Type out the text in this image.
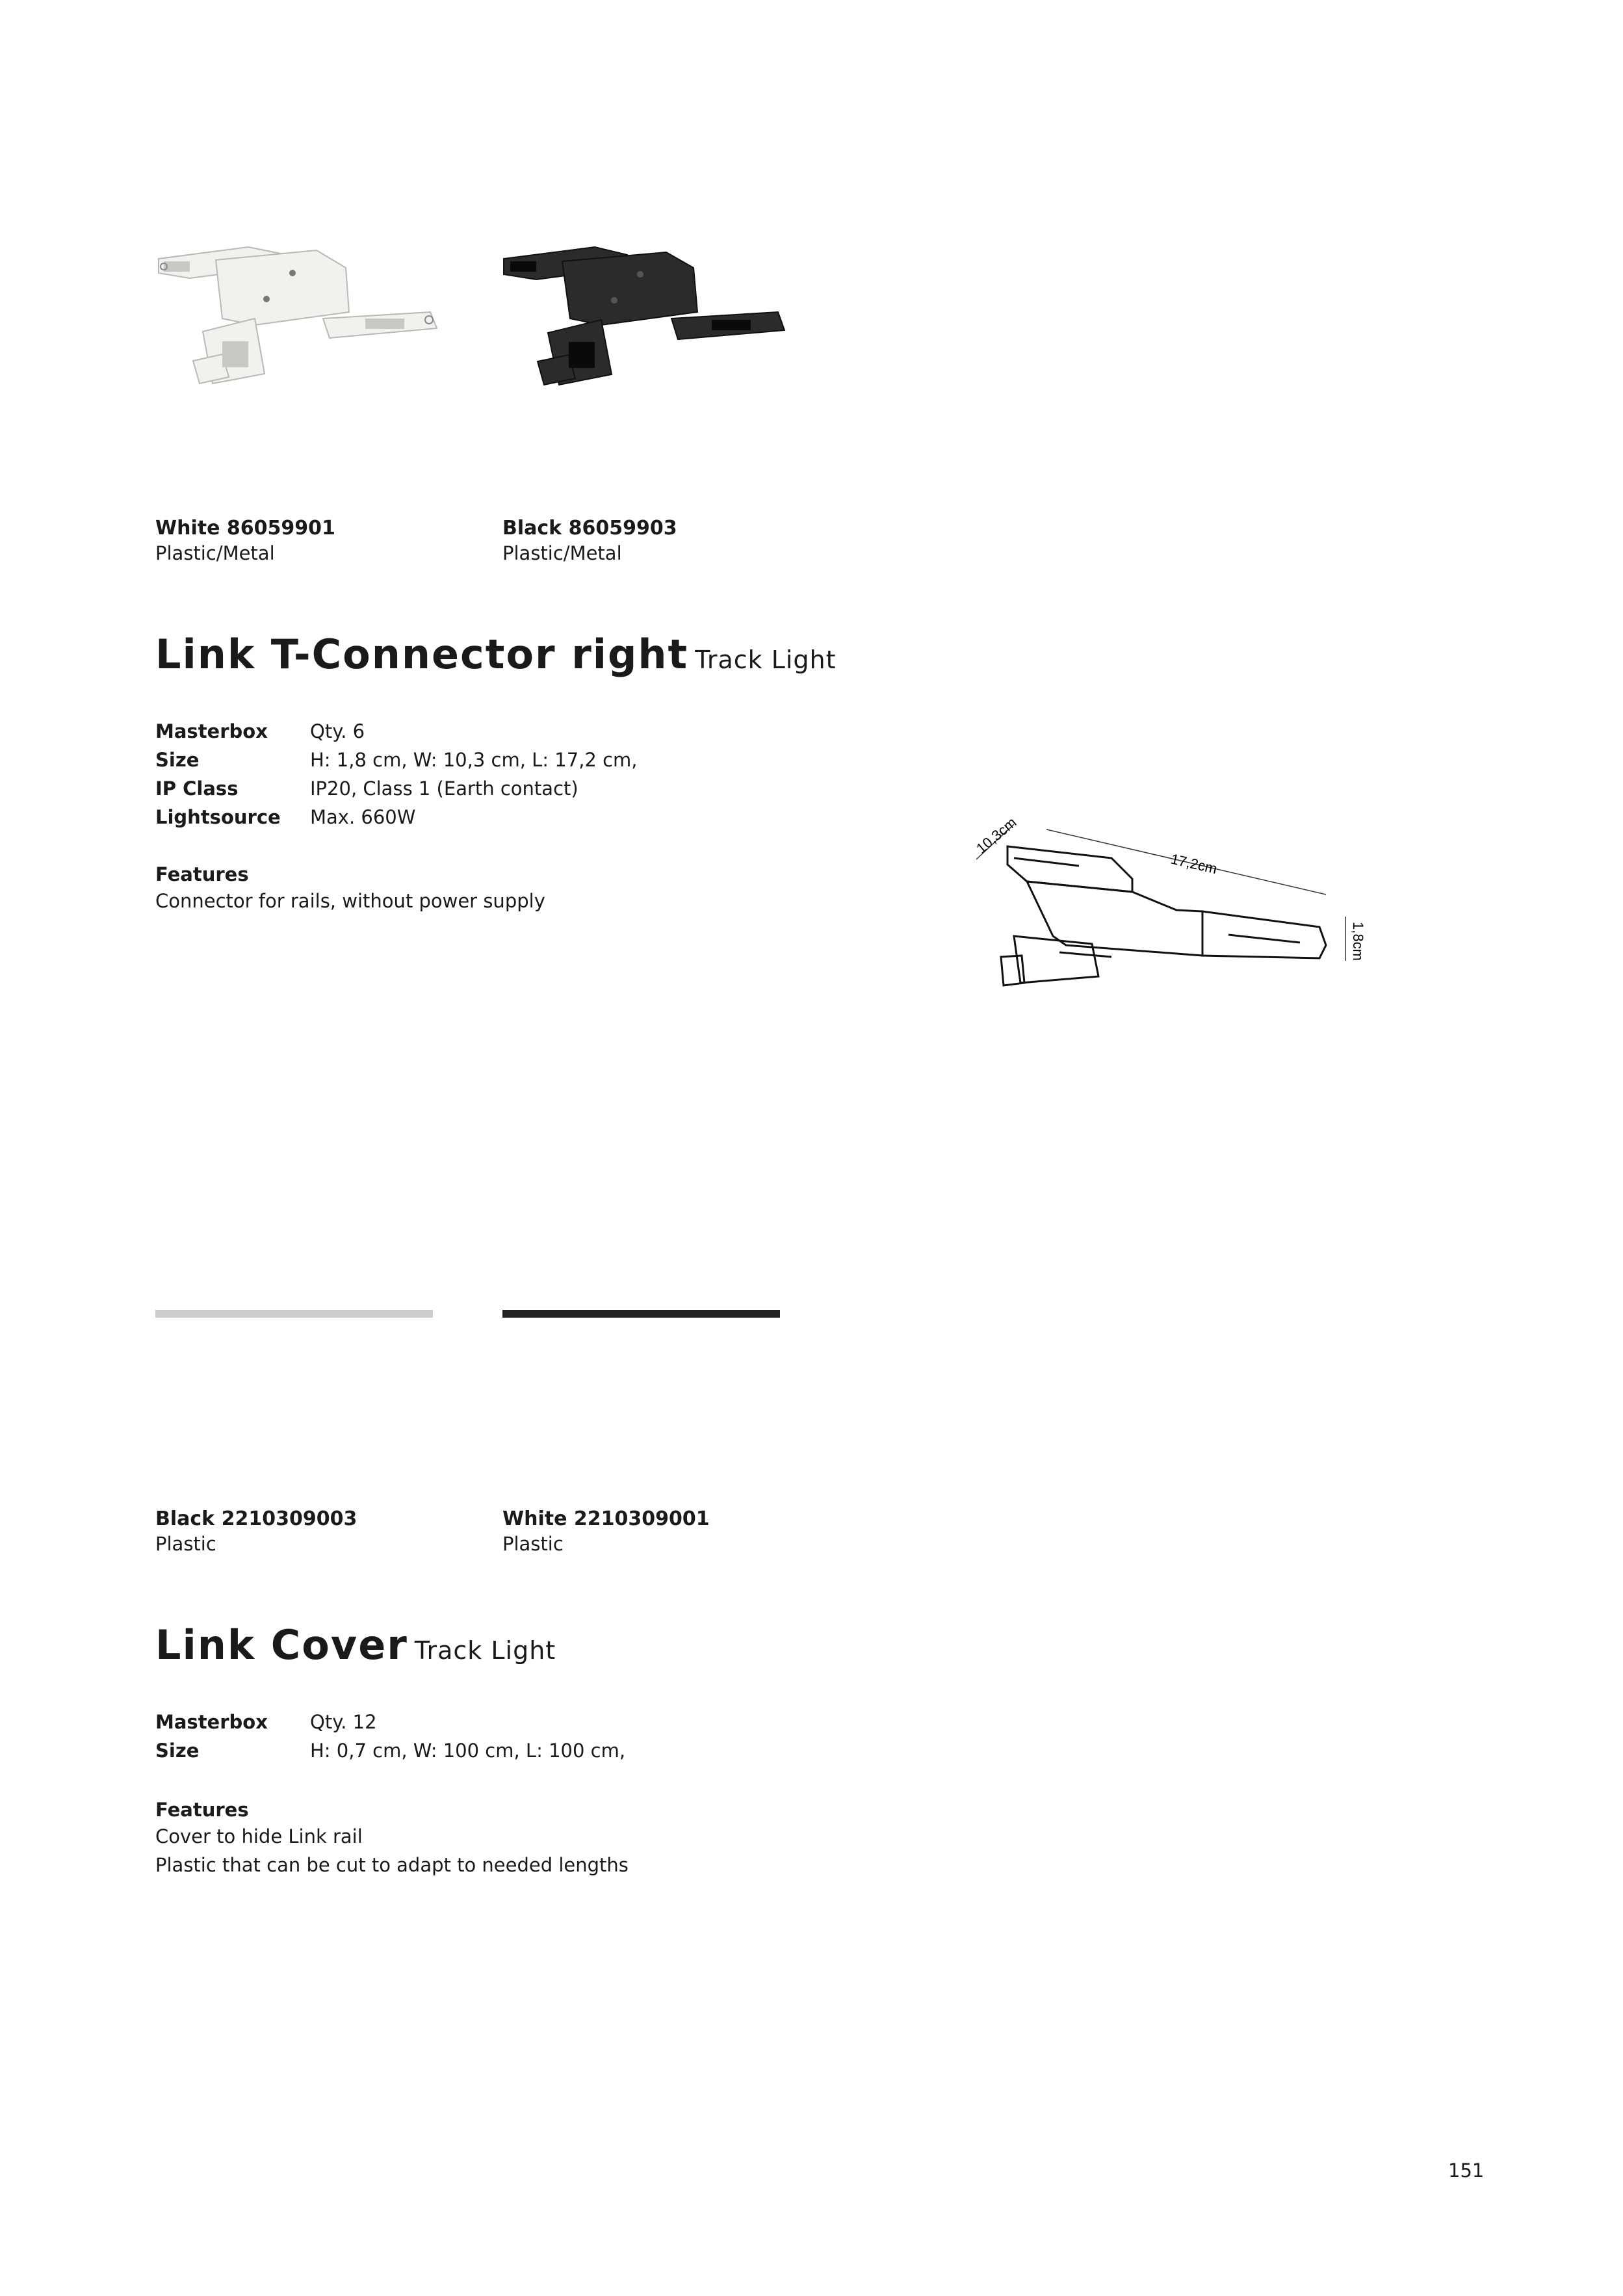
White 86059901
Plastic/Metal
Black 86059903
Plastic/Metal
Link T-Connector right Track Light
Masterbox Qty. 6
Size	H: 1,8 cm, W: 10,3 cm, L: 17,2 cm,
IP Class	IP20, Class 1 (Earth contact)
Lightsource Max. 660W
Features
Connector for rails, without power supply
10,3cm
17,2cm
1,8cm
Black 2210309003
Plastic
White 2210309001
Plastic
Link Cover Track Light
Masterbox Qty. 12
Size	H: 0,7 cm, W: 100 cm, L: 100 cm,
Features
Cover to hide Link rail
Plastic that can be cut to adapt to needed lengths
151
